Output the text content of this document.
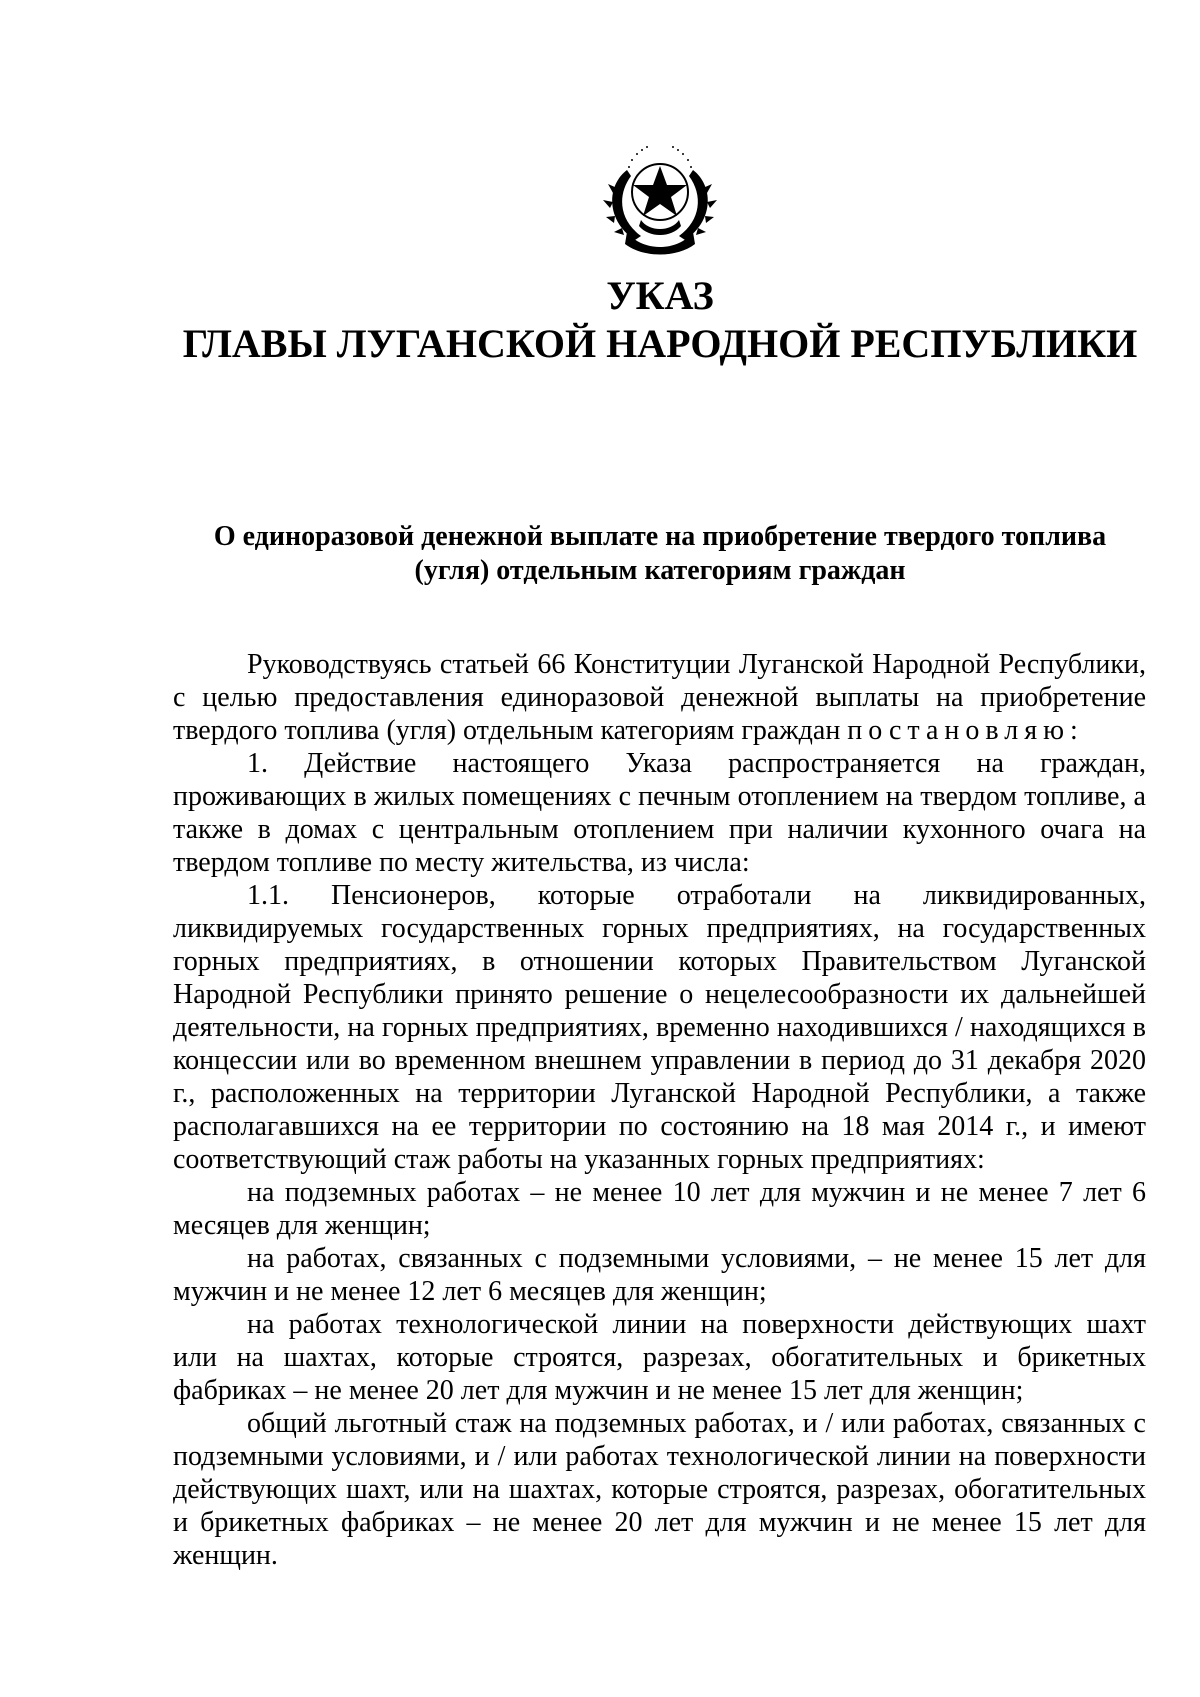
УКАЗ
ГЛАВЫ ЛУГАНСКОЙ НАРОДНОЙ РЕСПУБЛИКИ
О единоразовой денежной выплате на приобретение твердого топлива
(угля) отдельным категориям граждан

Руководствуясь статьей 66 Конституции Луганской Народной Республики, с целью предоставления единоразовой денежной выплаты на приобретение твердого топлива (угля) отдельным категориям граждан постановляю:

1. Действие настоящего Указа распространяется на граждан, проживающих в жилых помещениях с печным отоплением на твердом топливе, а также в домах с центральным отоплением при наличии кухонного очага на твердом топливе по месту жительства, из числа:

1.1. Пенсионеров, которые отработали на ликвидированных, ликвидируемых государственных горных предприятиях, на государственных горных предприятиях, в отношении которых Правительством Луганской Народной Республики принято решение о нецелесообразности их дальнейшей деятельности, на горных предприятиях, временно находившихся / находящихся в концессии или во временном внешнем управлении в период до 31 декабря 2020 г., расположенных на территории Луганской Народной Республики, а также располагавшихся на ее территории по состоянию на 18 мая 2014 г., и имеют соответствующий стаж работы на указанных горных предприятиях:

на подземных работах – не менее 10 лет для мужчин и не менее 7 лет 6 месяцев для женщин;

на работах, связанных с подземными условиями, – не менее 15 лет для мужчин и не менее 12 лет 6 месяцев для женщин;

на работах технологической линии на поверхности действующих шахт или на шахтах, которые строятся, разрезах, обогатительных и брикетных фабриках – не менее 20 лет для мужчин и не менее 15 лет для женщин;

общий льготный стаж на подземных работах, и / или работах, связанных с подземными условиями, и / или работах технологической линии на поверхности действующих шахт, или на шахтах, которые строятся, разрезах, обогатительных и брикетных фабриках – не менее 20 лет для мужчин и не менее 15 лет для женщин.
